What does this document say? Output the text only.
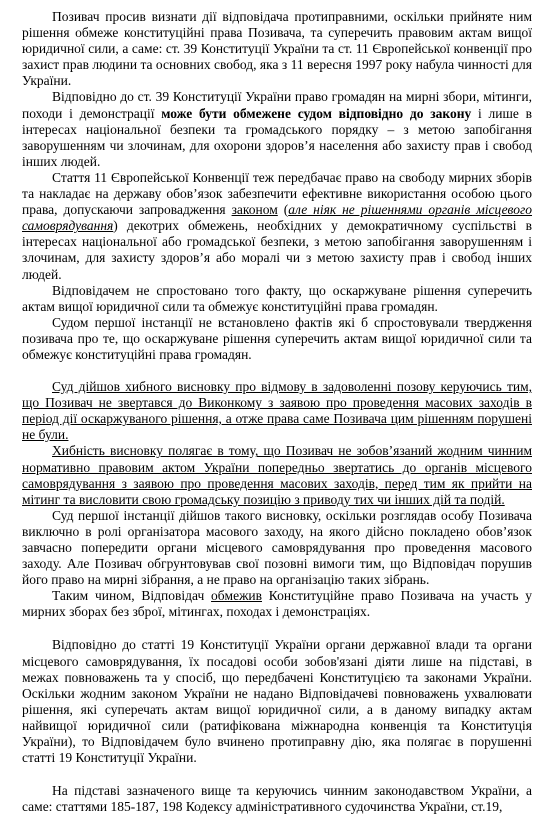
Позивач просив визнати дії відповідача протиправними, оскільки прийняте ним рішення обмеже конституційні права Позивача, та суперечить правовим актам вищої юридичної сили, а саме: ст. 39 Конституції України та ст. 11 Європейської конвенції про захист прав людини та основних свобод, яка з 11 вересня 1997 року набула чинності для України.

Відповідно до ст. 39 Конституції України право громадян на мирні збори, мітинги, походи і демонстрації може бути обмежене судом відповідно до закону і лише в інтересах національної безпеки та громадського порядку – з метою запобігання заворушенням чи злочинам, для охорони здоров’я населення або захисту прав і свобод інших людей.

Стаття 11 Європейської Конвенції теж передбачає право на свободу мирних зборів та накладає на державу обов’язок забезпечити ефективне використання особою цього права, допускаючи запровадження законом (але ніяк не рішеннями органів місцевого самоврядування) декотрих обмежень, необхідних у демократичному суспільстві в інтересах національної або громадської безпеки, з метою запобігання заворушенням і злочинам, для захисту здоров’я або моралі чи з метою захисту прав і свобод інших людей.

Відповідачем не спростовано того факту, що оскаржуване рішення суперечить актам вищої юридичної сили та обмежує конституційні права громадян.

Судом першої інстанції не встановлено фактів які б спростовували твердження позивача про те, що оскаржуване рішення суперечить актам вищої юридичної сили та обмежує конституційні права громадян.

Суд дійшов хибного висновку про відмову в задоволенні позову керуючись тим, що Позивач не звертався до Виконкому з заявою про проведення масових заходів в період дії оскаржуваного рішення, а отже права саме Позивача цим рішенням порушені не були.

Хибність висновку полягає в тому, що Позивач не зобов’язаний жодним чинним нормативно правовим актом України попередньо звертатись до органів місцевого самоврядування з заявою про проведення масових заходів, перед тим як прийти на мітинг та висловити свою громадську позицію з приводу тих чи інших дій та подій.

Суд першої інстанції дійшов такого висновку, оскільки розглядав особу Позивача виключно в ролі організатора масового заходу, на якого дійсно покладено обов’язок завчасно попередити органи місцевого самоврядування про проведення масового заходу. Але Позивач обгрунтовував свої позовні вимоги тим, що Відповідач порушив його право на мирні зібрання, а не право на організацію таких зібрань.

Таким чином, Відповідач обмежив Конституційне право Позивача на участь у мирних зборах без зброї, мітингах, походах і демонстраціях.

Відповідно до статті 19 Конституції України органи державної влади та органи місцевого самоврядування, їх посадові особи зобов'язані діяти лише на підставі, в межах повноважень та у спосіб, що передбачені Конституцією та законами України. Оскільки жодним законом України не надано Відповідачеві повноважень ухвалювати рішення, які суперечать актам вищої юридичної сили, а в даному випадку актам найвищої юридичної сили (ратифікована міжнародна конвенція та Конституція України), то Відповідачем було вчинено протиправну дію, яка полягає в порушенні статті 19 Конституції України.

На підставі зазначеного вище та керуючись чинним законодавством України, а саме: статтями 185-187, 198 Кодексу адміністративного судочинства України, ст.19,
